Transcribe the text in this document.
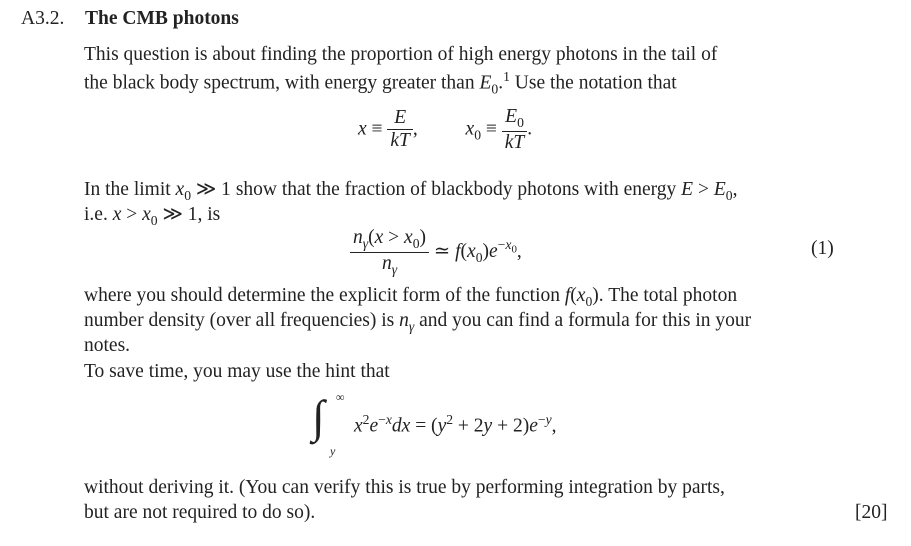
A3.2. The CMB photons
This question is about finding the proportion of high energy photons in the tail of
the black body spectrum, with energy greater than $E_0.^1$ Use the notation that
$x \equiv \frac{E}{kT}$ ,  $x_0 \equiv \frac{E_0}{kT}$ .
In the limit $x_0$ ≫ 1 show that the fraction of blackbody photons with energy $E > E_0$,
i.e. $x > x_0$ ≫ 1, is
$\frac{n_\gamma(x > x_0)}{n_\gamma}$ ≃ $f(x_0)e^{-x_0}$,	(1)
where you should determine the explicit form of the function $f(x_0)$. The total photon
number density (over all frequencies) is $n_\gamma$ and you can find a formula for this in your
notes.
To save time, you may use the hint that
∫ ∞
y
$x^2e^{-x}dx = (y^2 + 2y + 2)e^{-y}$,
without deriving it. (You can verify this is true by performing integration by parts,
but are not required to do so).	[20]
